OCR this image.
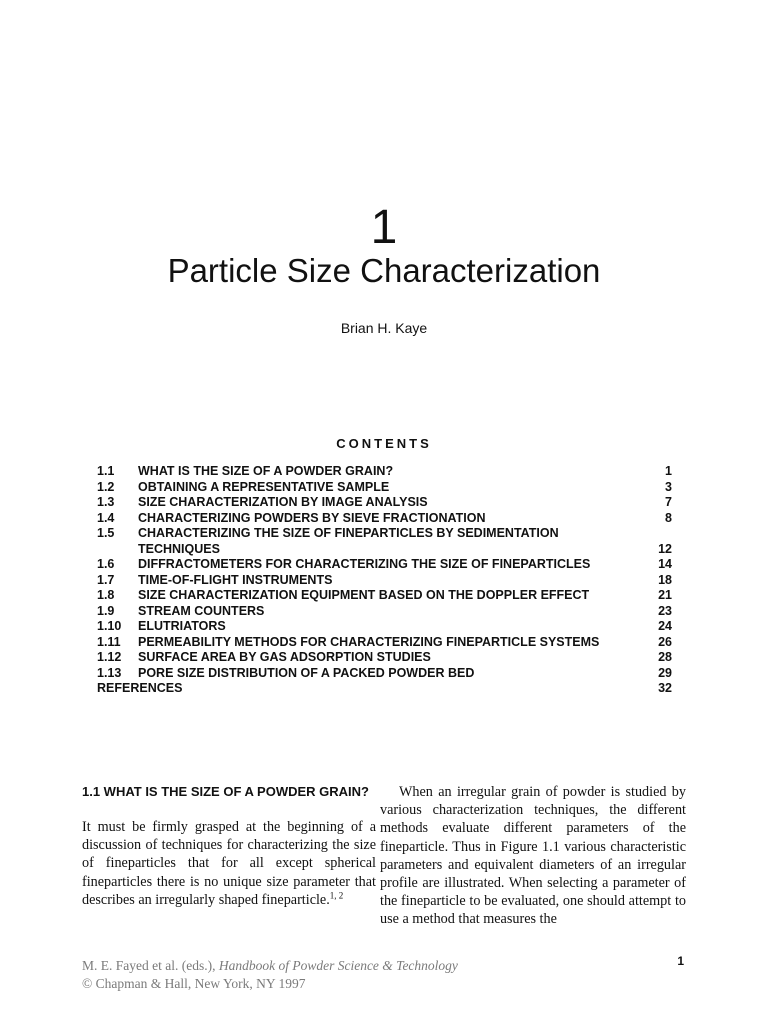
1
Particle Size Characterization
Brian H. Kaye
CONTENTS
1.1	WHAT IS THE SIZE OF A POWDER GRAIN?	1
1.2	OBTAINING A REPRESENTATIVE SAMPLE	3
1.3	SIZE CHARACTERIZATION BY IMAGE ANALYSIS	7
1.4	CHARACTERIZING POWDERS BY SIEVE FRACTIONATION	8
1.5	CHARACTERIZING THE SIZE OF FINEPARTICLES BY SEDIMENTATION TECHNIQUES	12
1.6	DIFFRACTOMETERS FOR CHARACTERIZING THE SIZE OF FINEPARTICLES	14
1.7	TIME-OF-FLIGHT INSTRUMENTS	18
1.8	SIZE CHARACTERIZATION EQUIPMENT BASED ON THE DOPPLER EFFECT	21
1.9	STREAM COUNTERS	23
1.10	ELUTRIATORS	24
1.11	PERMEABILITY METHODS FOR CHARACTERIZING FINEPARTICLE SYSTEMS	26
1.12	SURFACE AREA BY GAS ADSORPTION STUDIES	28
1.13	PORE SIZE DISTRIBUTION OF A PACKED POWDER BED	29
REFERENCES	32

1.1 WHAT IS THE SIZE OF A POWDER GRAIN?

It must be firmly grasped at the beginning of a discussion of techniques for characterizing the size of fineparticles that for all except spherical fineparticles there is no unique size parameter that describes an irregularly shaped fineparticle.$^{1, 2}$

When an irregular grain of powder is studied by various characterization techniques, the different methods evaluate different parameters of the fineparticle. Thus in Figure 1.1 various characteristic parameters and equivalent diameters of an irregular profile are illustrated. When selecting a parameter of the fineparticle to be evaluated, one should attempt to use a method that measures the

M. E. Fayed et al. (eds.), Handbook of Powder Science & Technology
© Chapman & Hall, New York, NY 1997
1
